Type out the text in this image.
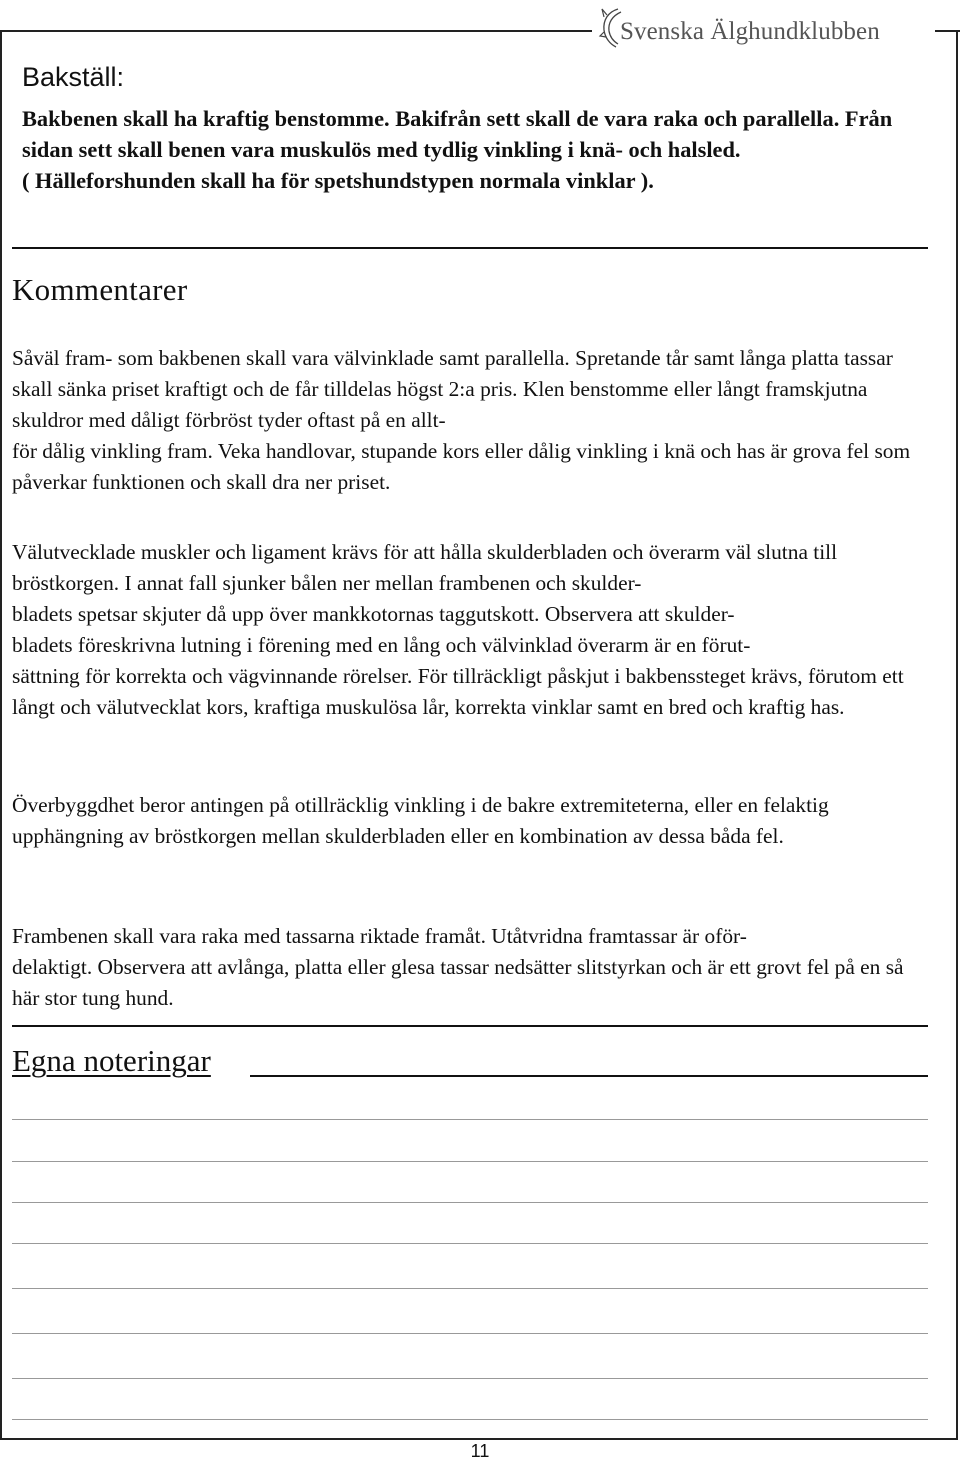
Svenska Älghundklubben
Bakställ:

Bakbenen skall ha kraftig benstomme. Bakifrån sett skall de vara raka och parallella. Från sidan sett skall benen vara muskulös med tydlig vinkling i knä- och halsled.
( Hälleforshunden skall ha för spetshundstypen normala vinklar ).

Kommentarer

Såväl fram- som bakbenen skall vara välvinklade samt parallella. Spretande tår samt långa platta tassar skall sänka priset kraftigt och de får tilldelas högst 2:a pris. Klen benstomme eller långt framskjutna skuldror med dåligt förbröst tyder oftast på en allt-
för dålig vinkling fram. Veka handlovar, stupande kors eller dålig vinkling i knä och has är grova fel som påverkar funktionen och skall dra ner priset.

Välutvecklade muskler och ligament krävs för att hålla skulderbladen och överarm väl slutna till bröstkorgen. I annat fall sjunker bålen ner mellan frambenen och skulder-
bladets spetsar skjuter då upp över mankkotornas taggutskott. Observera att skulder-
bladets föreskrivna lutning i förening med en lång och välvinklad överarm är en förut-
sättning för korrekta och vägvinnande rörelser. För tillräckligt påskjut i bakbenssteget krävs, förutom ett långt och välutvecklat kors, kraftiga muskulösa lår, korrekta vinklar samt en bred och kraftig has.

Överbyggdhet beror antingen på otillräcklig vinkling i de bakre extremiteterna, eller en felaktig upphängning av bröstkorgen mellan skulderbladen eller en kombination av dessa båda fel.

Frambenen skall vara raka med tassarna riktade framåt. Utåtvridna framtassar är oför-
delaktigt. Observera att avlånga, platta eller glesa tassar nedsätter slitstyrkan och är ett grovt fel på en så här stor tung hund.

Egna noteringar
11
